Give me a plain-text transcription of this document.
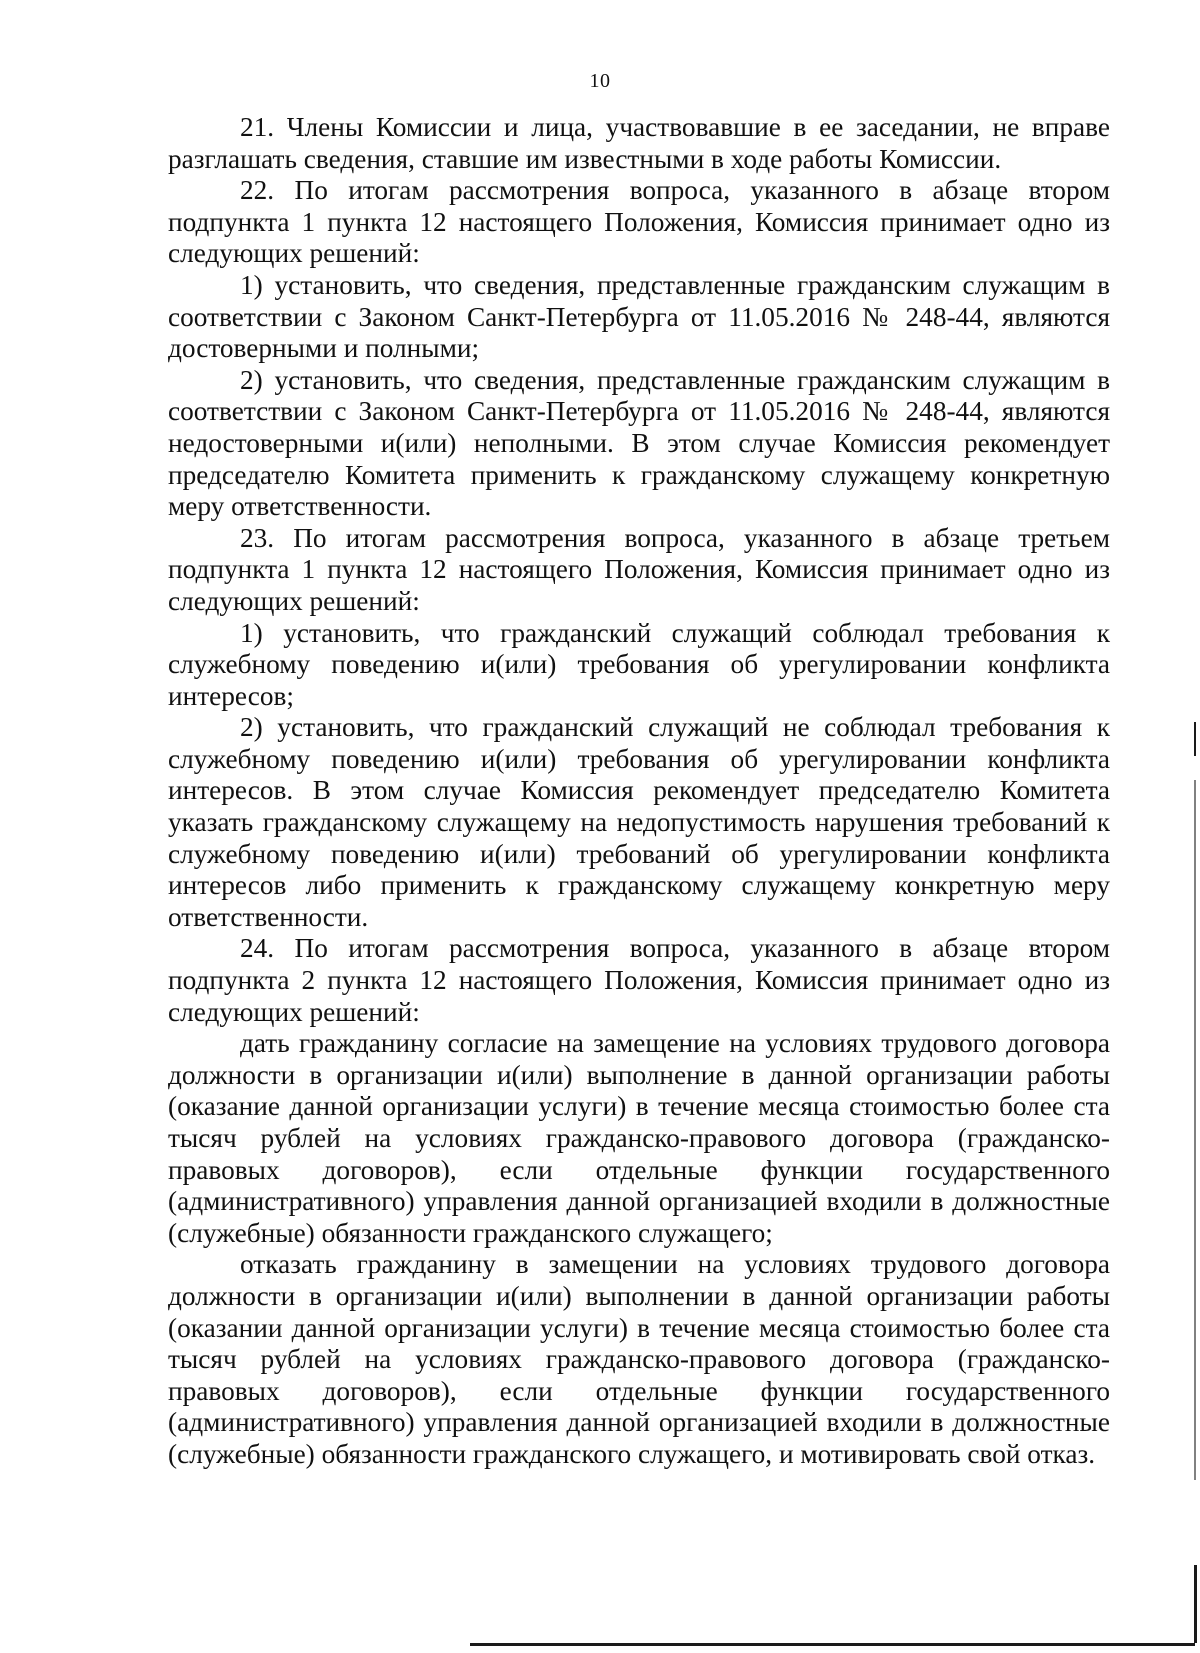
10

21. Члены Комиссии и лица, участвовавшие в ее заседании, не вправе разглашать сведения, ставшие им известными в ходе работы Комиссии.

22. По итогам рассмотрения вопроса, указанного в абзаце втором подпункта 1 пункта 12 настоящего Положения, Комиссия принимает одно из следующих решений:

1) установить, что сведения, представленные гражданским служащим в соответствии с Законом Санкт-Петербурга от 11.05.2016 № 248-44, являются достоверными и полными;

2) установить, что сведения, представленные гражданским служащим в соответствии с Законом Санкт-Петербурга от 11.05.2016 № 248-44, являются недостоверными и(или) неполными. В этом случае Комиссия рекомендует председателю Комитета применить к гражданскому служащему конкретную меру ответственности.

23. По итогам рассмотрения вопроса, указанного в абзаце третьем подпункта 1 пункта 12 настоящего Положения, Комиссия принимает одно из следующих решений:

1) установить, что гражданский служащий соблюдал требования к служебному поведению и(или) требования об урегулировании конфликта интересов;

2) установить, что гражданский служащий не соблюдал требования к служебному поведению и(или) требования об урегулировании конфликта интересов. В этом случае Комиссия рекомендует председателю Комитета указать гражданскому служащему на недопустимость нарушения требований к служебному поведению и(или) требований об урегулировании конфликта интересов либо применить к гражданскому служащему конкретную меру ответственности.

24. По итогам рассмотрения вопроса, указанного в абзаце втором подпункта 2 пункта 12 настоящего Положения, Комиссия принимает одно из следующих решений:

дать гражданину согласие на замещение на условиях трудового договора должности в организации и(или) выполнение в данной организации работы (оказание данной организации услуги) в течение месяца стоимостью более ста тысяч рублей на условиях гражданско-правового договора (гражданско-правовых договоров), если отдельные функции государственного (административного) управления данной организацией входили в должностные (служебные) обязанности гражданского служащего;

отказать гражданину в замещении на условиях трудового договора должности в организации и(или) выполнении в данной организации работы (оказании данной организации услуги) в течение месяца стоимостью более ста тысяч рублей на условиях гражданско-правового договора (гражданско-правовых договоров), если отдельные функции государственного (административного) управления данной организацией входили в должностные (служебные) обязанности гражданского служащего, и мотивировать свой отказ.
